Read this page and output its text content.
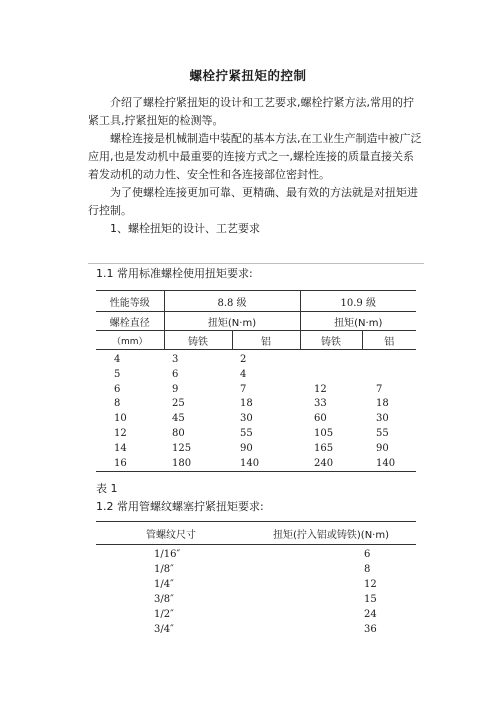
螺栓拧紧扭矩的控制

介绍了螺栓拧紧扭矩的设计和工艺要求,螺栓拧紧方法,常用的拧紧工具,拧紧扭矩的检测等。

螺栓连接是机械制造中装配的基本方法,在工业生产制造中被广泛应用,也是发动机中最重要的连接方式之一,螺栓连接的质量直接关系着发动机的动力性、安全性和各连接部位密封性。

为了使螺栓连接更加可靠、更精确、最有效的方法就是对扭矩进行控制。

1、螺栓扭矩的设计、工艺要求
1.1 常用标准螺栓使用扭矩要求:
性能等级	8.8 级		10.9 级	
螺栓直径	扭矩(N·m)		扭矩(N·m)	
（mm）	铸铁	铝	铸铁	铝
4	3	2		
5	6	4		
6	9	7	12	7
8	25	18	33	18
10	45	30	60	30
12	80	55	105	55
14	125	90	165	90
16	180	140	240	140
表 1
1.2 常用管螺纹螺塞拧紧扭矩要求:
管螺纹尺寸	扭矩(拧入铝或铸铁)(N·m)
1/16″	6
1/8″	8
1/4″	12
3/8″	15
1/2″	24
3/4″	36
